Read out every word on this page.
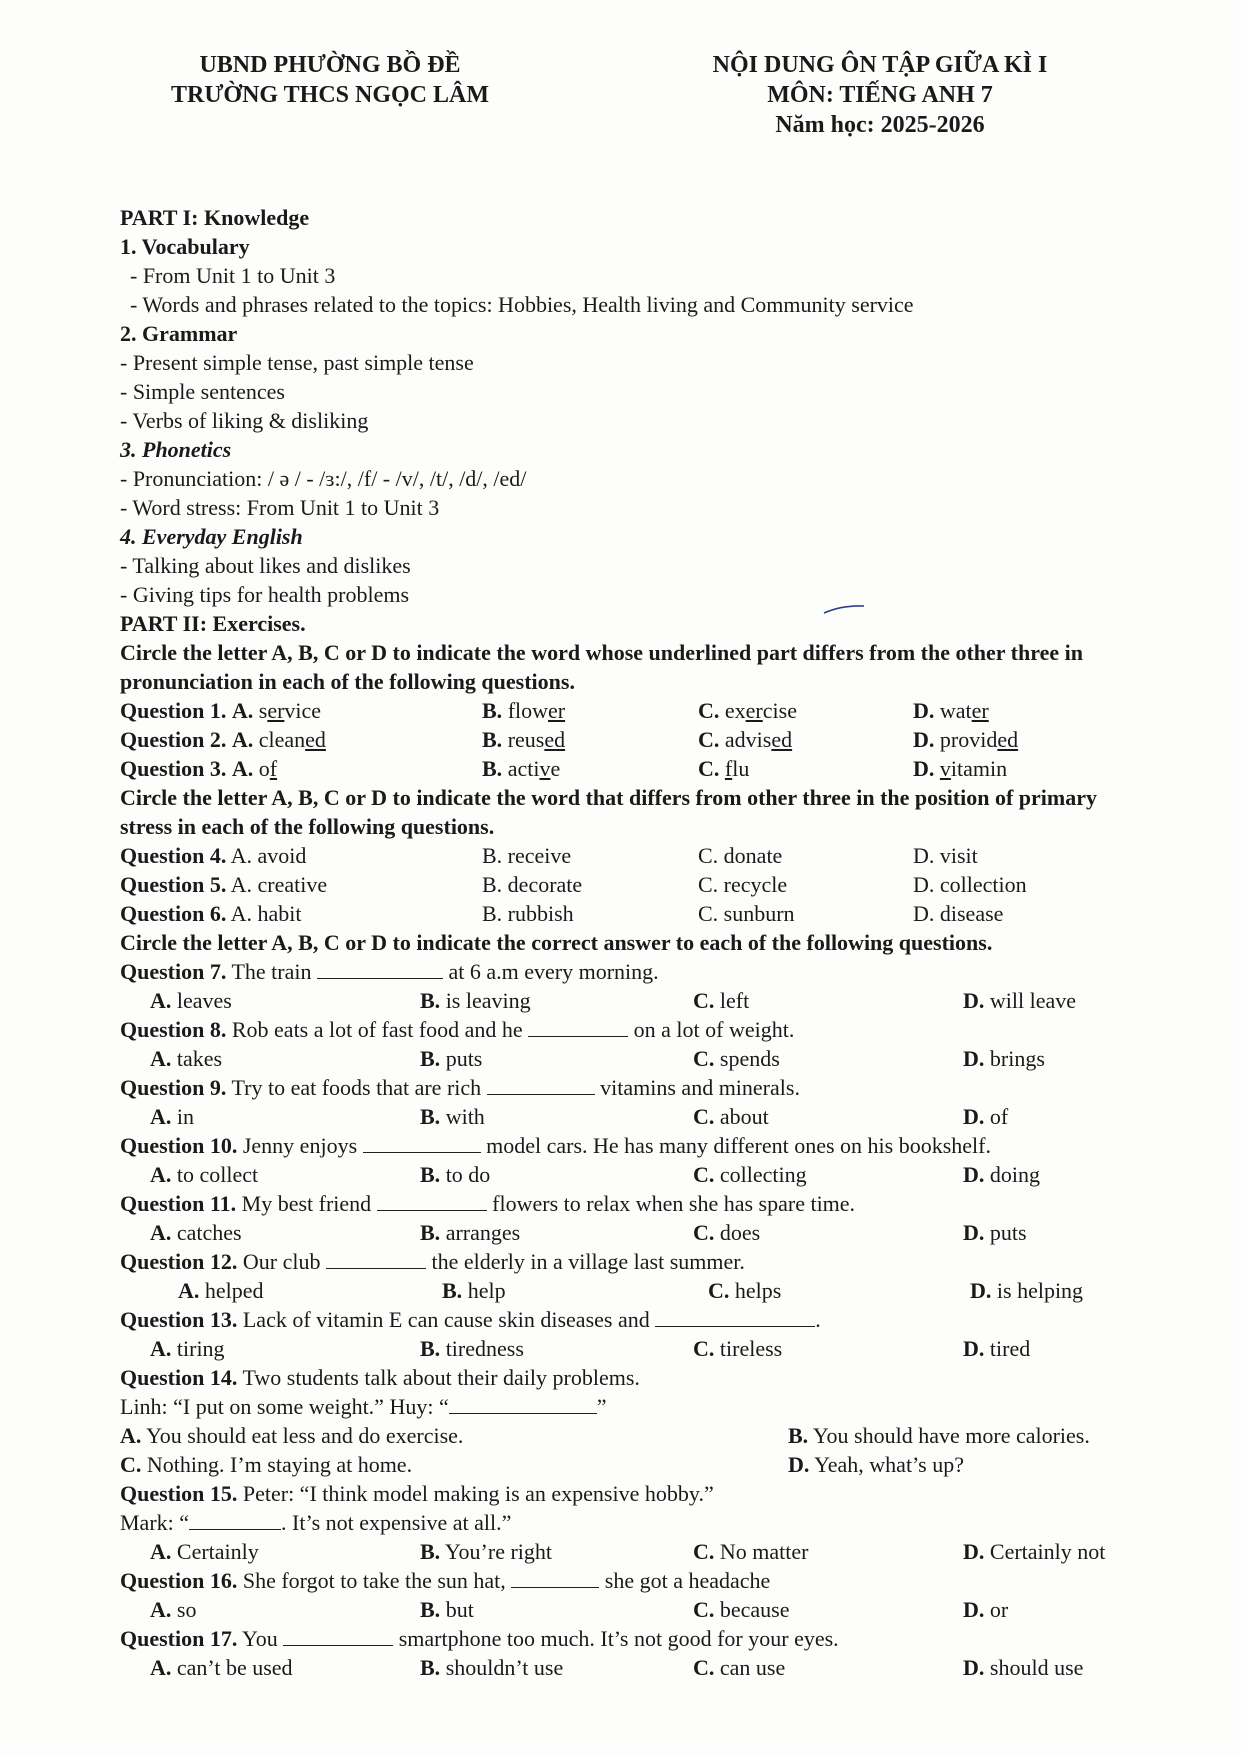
UBND PHƯỜNG BỒ ĐỀ
TRƯỜNG THCS NGỌC LÂM
NỘI DUNG ÔN TẬP GIỮA KÌ I
MÔN: TIẾNG ANH 7
Năm học: 2025-2026
PART I: Knowledge
1. Vocabulary
- From Unit 1 to Unit 3
- Words and phrases related to the topics: Hobbies, Health living and Community service
2. Grammar
- Present simple tense, past simple tense
- Simple sentences
- Verbs of liking & disliking
3. Phonetics
- Pronunciation: / ə / - /ɜ:/, /f/ - /v/, /t/, /d/, /ed/
- Word stress: From Unit 1 to Unit 3
4. Everyday English
- Talking about likes and dislikes
- Giving tips for health problems
PART II: Exercises.
Circle the letter A, B, C or D to indicate the word whose underlined part differs from the other three in pronunciation in each of the following questions.
Question 1. A. service	B. flower	C. exercise	D. water
Question 2. A. cleaned	B. reused	C. advised	D. provided
Question 3. A. of	B. active	C. flu	D. vitamin
Circle the letter A, B, C or D to indicate the word that differs from other three in the position of primary stress in each of the following questions.
Question 4. A. avoid	B. receive	C. donate	D. visit
Question 5. A. creative	B. decorate	C. recycle	D. collection
Question 6. A. habit	B. rubbish	C. sunburn	D. disease
Circle the letter A, B, C or D to indicate the correct answer to each of the following questions.
Question 7. The train	at 6 a.m every morning.
A. leaves	B. is leaving	C. left	D. will leave
Question 8. Rob eats a lot of fast food and he	on a lot of weight.
A. takes	B. puts	C. spends	D. brings
Question 9. Try to eat foods that are rich	vitamins and minerals.
A. in	B. with	C. about	D. of
Question 10. Jenny enjoys	model cars. He has many different ones on his bookshelf.
A. to collect	B. to do	C. collecting	D. doing
Question 11. My best friend	flowers to relax when she has spare time.
A. catches	B. arranges	C. does	D. puts
Question 12. Our club	the elderly in a village last summer.
A. helped	B. help	C. helps	D. is helping
Question 13. Lack of vitamin E can cause skin diseases and	.
A. tiring	B. tiredness	C. tireless	D. tired
Question 14. Two students talk about their daily problems.
Linh: “I put on some weight.” Huy: “	”
A. You should eat less and do exercise.	B. You should have more calories.
C. Nothing. I’m staying at home.	D. Yeah, what’s up?
Question 15. Peter: “I think model making is an expensive hobby.”
Mark: “	. It’s not expensive at all.”
A. Certainly	B. You’re right	C. No matter	D. Certainly not
Question 16. She forgot to take the sun hat,	she got a headache
A. so	B. but	C. because	D. or
Question 17. You	smartphone too much. It’s not good for your eyes.
A. can’t be used	B. shouldn’t use	C. can use	D. should use
